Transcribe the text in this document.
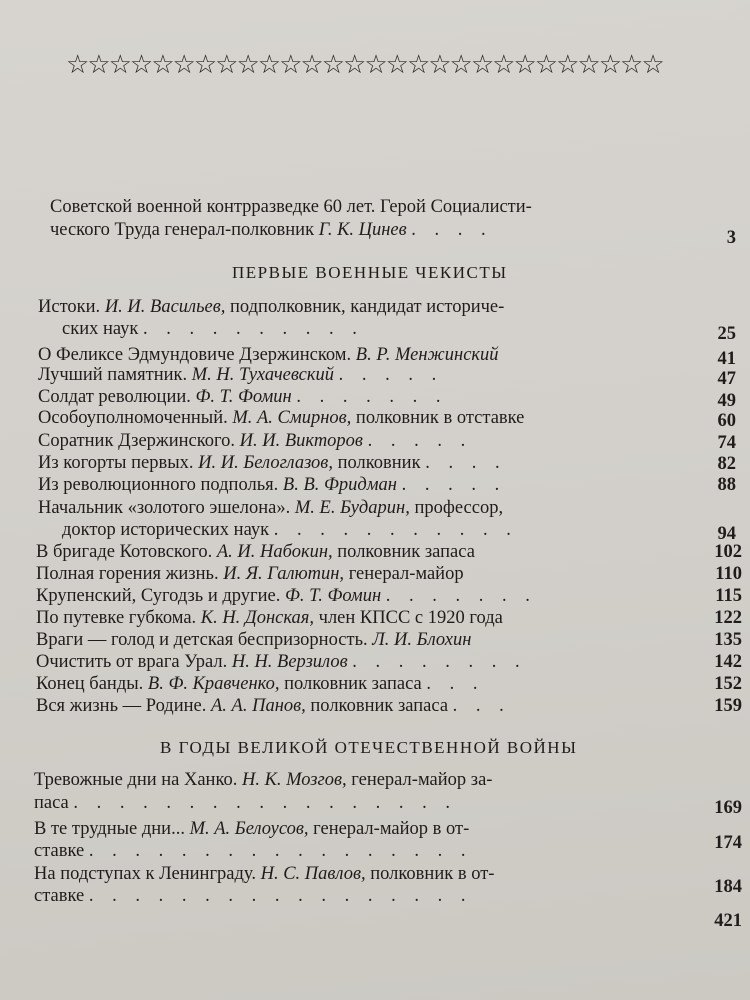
☆☆☆☆☆☆☆☆☆☆☆☆☆☆☆☆☆☆☆☆☆☆☆☆☆☆☆☆
Советской военной контрразведке 60 лет. Герой Социалисти-
ческого Труда генерал-полковник Г. К. Цинев . . . .	3
ПЕРВЫЕ ВОЕННЫЕ ЧЕКИСТЫ
Истоки. И. И. Васильев, подполковник, кандидат историче-
ских наук . . . . . . . . . .	25
О Феликсе Эдмундовиче Дзержинском. В. Р. Менжинский	41
Лучший памятник. М. Н. Тухачевский . . . . .	47
Солдат революции. Ф. Т. Фомин . . . . . . .	49
Особоуполномоченный. М. А. Смирнов, полковник в отставке	60
Соратник Дзержинского. И. И. Викторов . . . . .	74
Из когорты первых. И. И. Белоглазов, полковник . . . .	82
Из революционного подполья. В. В. Фридман . . . . .	88
Начальник «золотого эшелона». М. Е. Бударин, профессор,
доктор исторических наук . . . . . . . . . . .	94
В бригаде Котовского. А. И. Набокин, полковник запаса	102
Полная горения жизнь. И. Я. Галютин, генерал-майор	110
Крупенский, Сугодзь и другие. Ф. Т. Фомин . . . . . . .	115
По путевке губкома. К. Н. Донская, член КПСС с 1920 года	122
Враги — голод и детская беспризорность. Л. И. Блохин	135
Очистить от врага Урал. Н. Н. Верзилов . . . . . . . .	142
Конец банды. В. Ф. Кравченко, полковник запаса . . .	152
Вся жизнь — Родине. А. А. Панов, полковник запаса . . .	159
В ГОДЫ ВЕЛИКОЙ ОТЕЧЕСТВЕННОЙ ВОЙНЫ
Тревожные дни на Ханко. Н. К. Мозгов, генерал-майор за-
паса . . . . . . . . . . . . . . . . .	169
В те трудные дни... М. А. Белоусов, генерал-майор в от-
ставке . . . . . . . . . . . . . . . . .	174
На подступах к Ленинграду. Н. С. Павлов, полковник в от-
ставке . . . . . . . . . . . . . . . . .	184
421
